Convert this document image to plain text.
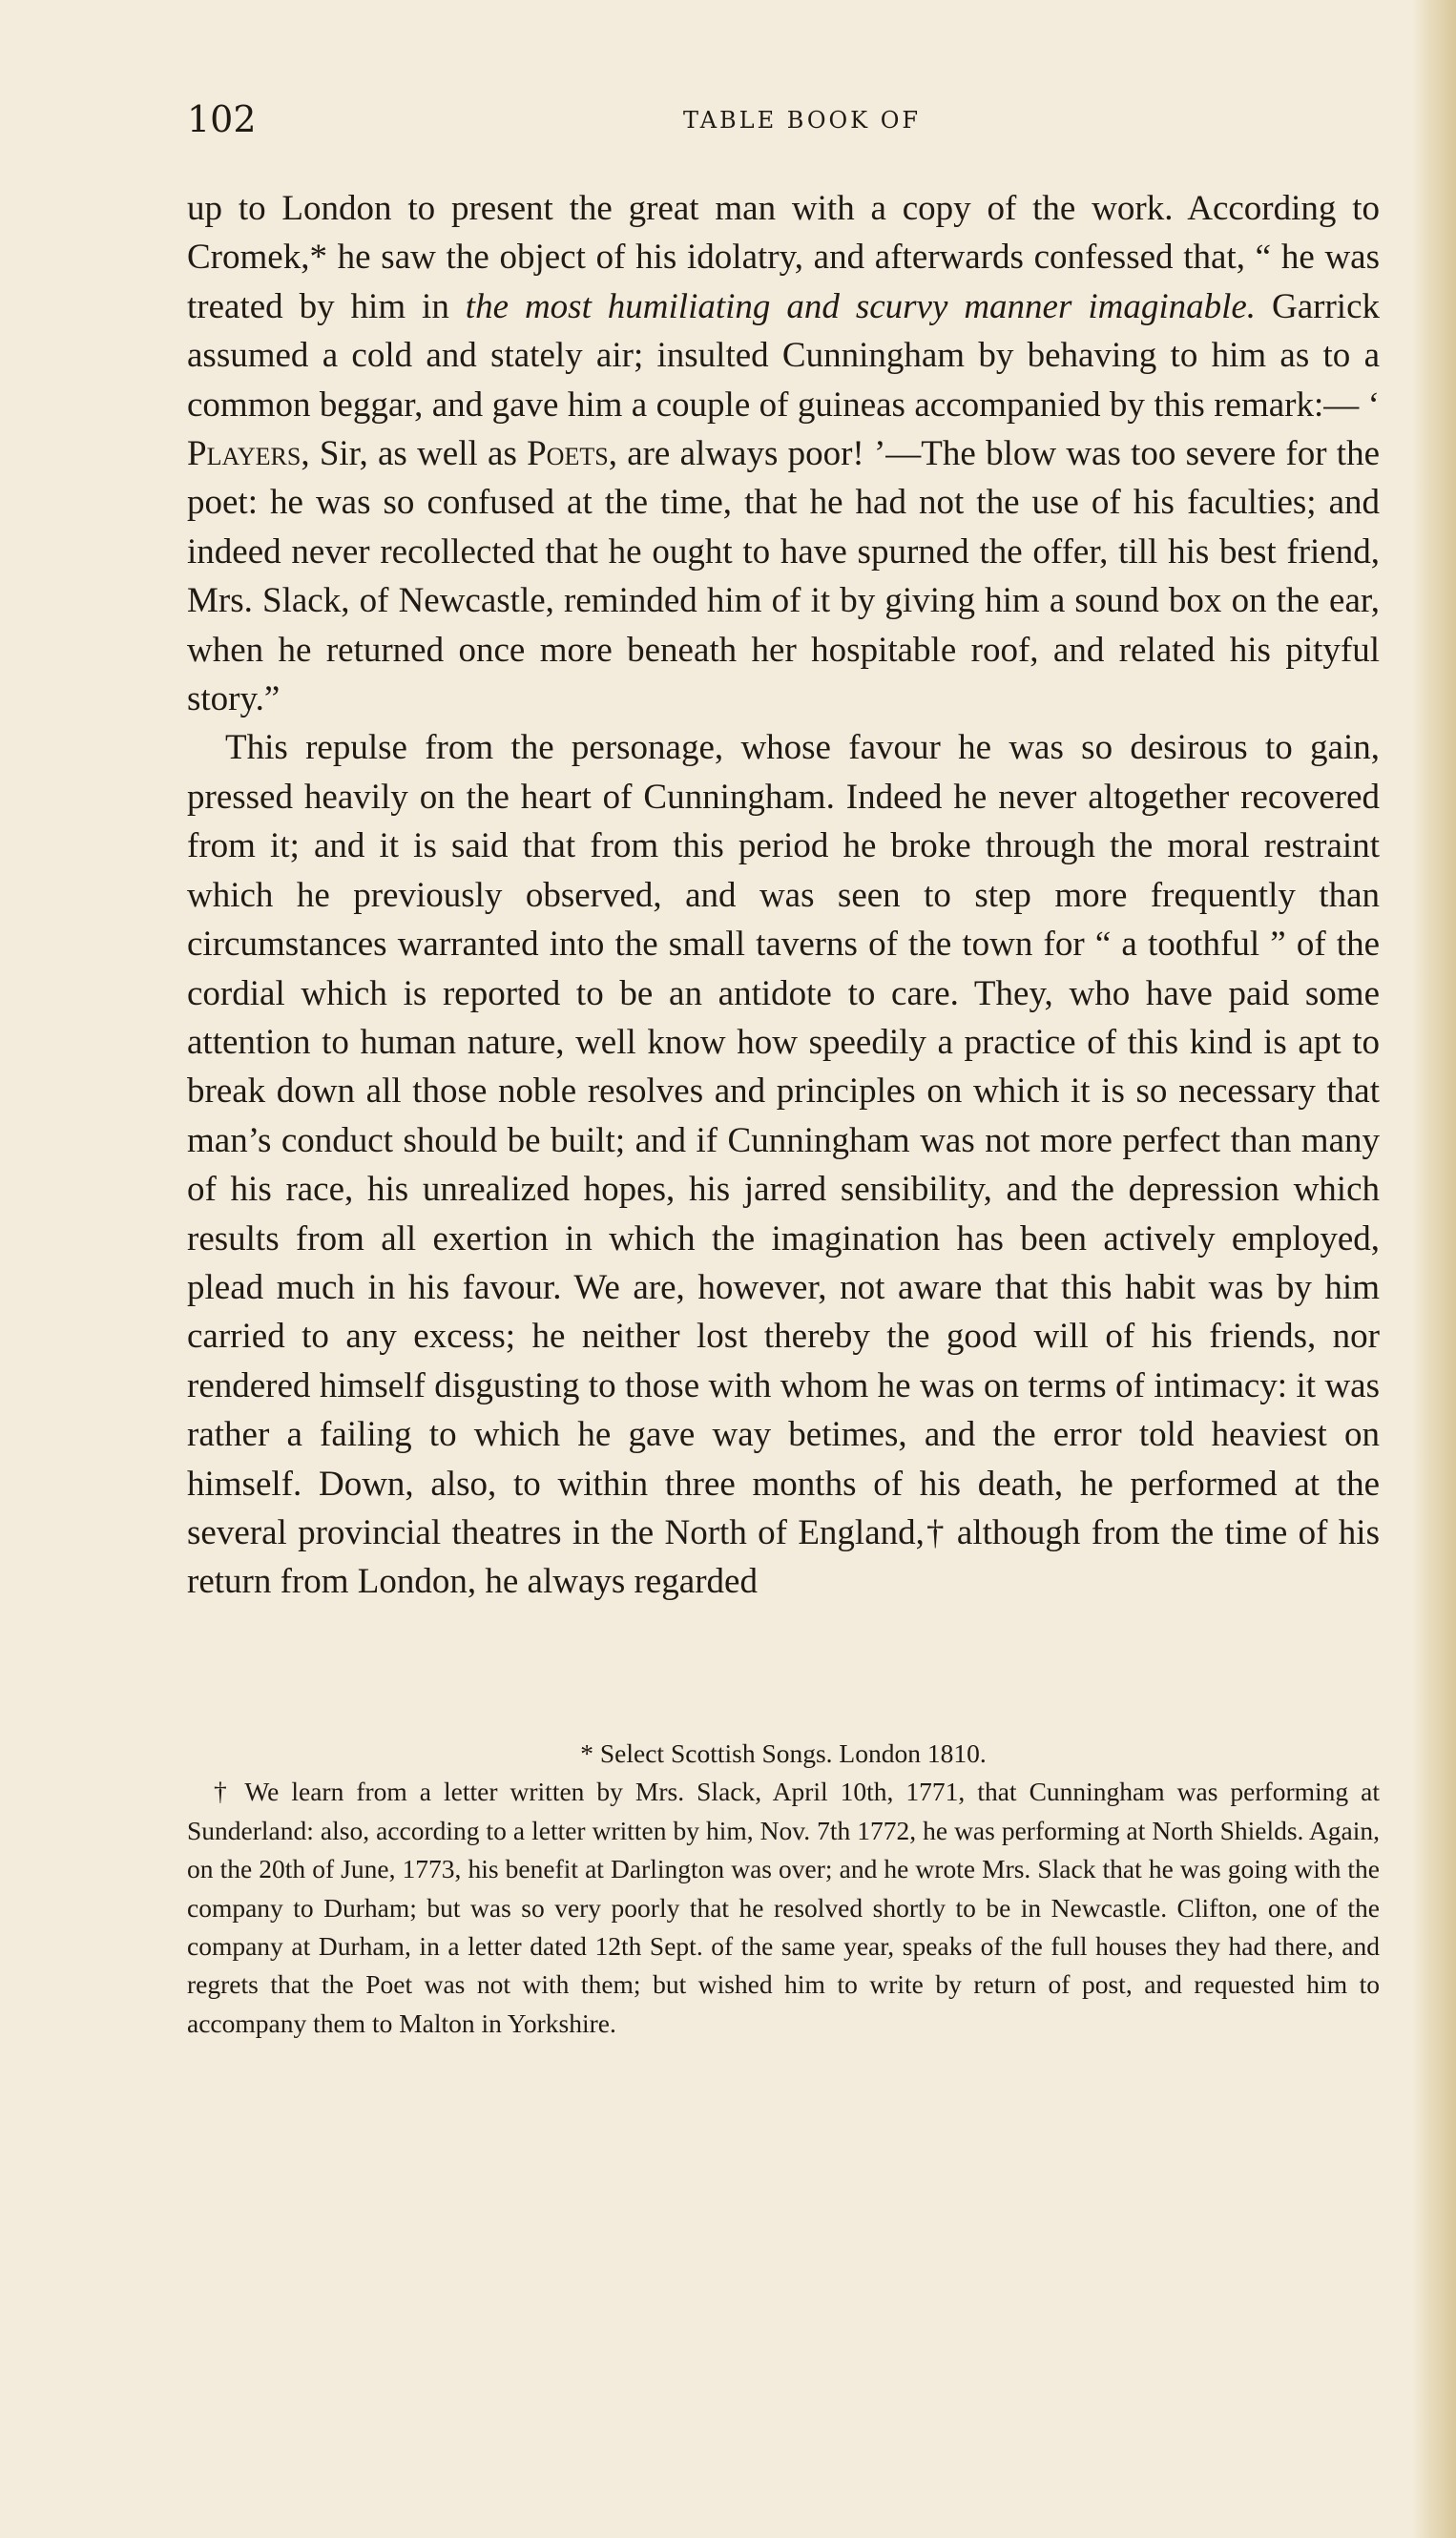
102	TABLE BOOK OF

up to London to present the great man with a copy of the work. According to Cromek,* he saw the object of his idolatry, and afterwards confessed that, “ he was treated by him in the most humiliating and scurvy manner imaginable. Garrick assumed a cold and stately air; insulted Cunningham by behaving to him as to a common beggar, and gave him a couple of guineas accompanied by this remark:— ‘ Players, Sir, as well as Poets, are always poor! ’—The blow was too severe for the poet: he was so confused at the time, that he had not the use of his faculties; and indeed never recollected that he ought to have spurned the offer, till his best friend, Mrs. Slack, of Newcastle, reminded him of it by giving him a sound box on the ear, when he returned once more beneath her hospitable roof, and related his pityful story.”

This repulse from the personage, whose favour he was so desirous to gain, pressed heavily on the heart of Cunningham. Indeed he never altogether recovered from it; and it is said that from this period he broke through the moral restraint which he previously observed, and was seen to step more frequently than circumstances warranted into the small taverns of the town for “ a toothful ” of the cordial which is reported to be an antidote to care. They, who have paid some attention to human nature, well know how speedily a practice of this kind is apt to break down all those noble resolves and principles on which it is so necessary that man’s conduct should be built; and if Cunningham was not more perfect than many of his race, his unrealized hopes, his jarred sensibility, and the depression which results from all exertion in which the imagination has been actively employed, plead much in his favour. We are, however, not aware that this habit was by him carried to any excess; he neither lost thereby the good will of his friends, nor rendered himself disgusting to those with whom he was on terms of intimacy: it was rather a failing to which he gave way betimes, and the error told heaviest on himself. Down, also, to within three months of his death, he performed at the several provincial theatres in the North of England,† although from the time of his return from London, he always regarded

* Select Scottish Songs. London 1810.

† We learn from a letter written by Mrs. Slack, April 10th, 1771, that Cunningham was performing at Sunderland: also, according to a letter written by him, Nov. 7th 1772, he was performing at North Shields. Again, on the 20th of June, 1773, his benefit at Darlington was over; and he wrote Mrs. Slack that he was going with the company to Durham; but was so very poorly that he resolved shortly to be in Newcastle. Clifton, one of the company at Durham, in a letter dated 12th Sept. of the same year, speaks of the full houses they had there, and regrets that the Poet was not with them; but wished him to write by return of post, and requested him to accompany them to Malton in Yorkshire.
